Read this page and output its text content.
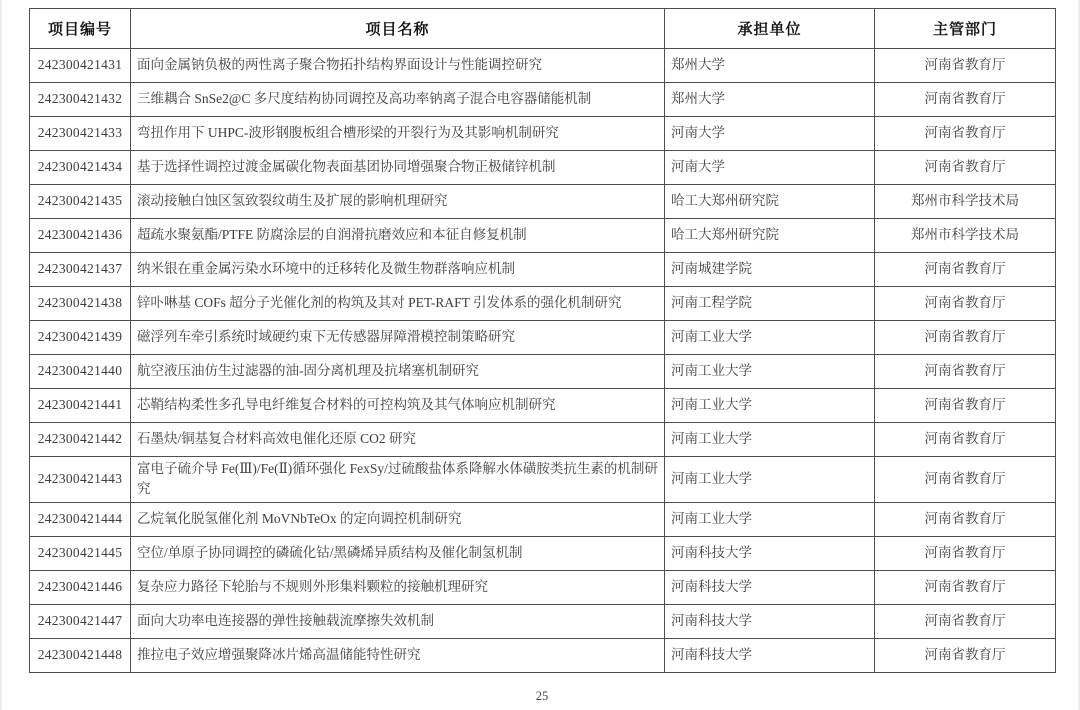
项目编号	项目名称	承担单位	主管部门
242300421431	面向金属钠负极的两性离子聚合物拓扑结构界面设计与性能调控研究	郑州大学	河南省教育厅
242300421432	三维耦合 SnSe2@C 多尺度结构协同调控及高功率钠离子混合电容器储能机制	郑州大学	河南省教育厅
242300421433	弯扭作用下 UHPC-波形钢腹板组合槽形梁的开裂行为及其影响机制研究	河南大学	河南省教育厅
242300421434	基于选择性调控过渡金属碳化物表面基团协同增强聚合物正极储锌机制	河南大学	河南省教育厅
242300421435	滚动接触白蚀区氢致裂纹萌生及扩展的影响机理研究	哈工大郑州研究院	郑州市科学技术局
242300421436	超疏水聚氨酯/PTFE 防腐涂层的自润滑抗磨效应和本征自修复机制	哈工大郑州研究院	郑州市科学技术局
242300421437	纳米银在重金属污染水环境中的迁移转化及微生物群落响应机制	河南城建学院	河南省教育厅
242300421438	锌卟啉基 COFs 超分子光催化剂的构筑及其对 PET-RAFT 引发体系的强化机制研究	河南工程学院	河南省教育厅
242300421439	磁浮列车牵引系统时域硬约束下无传感器屏障滑模控制策略研究	河南工业大学	河南省教育厅
242300421440	航空液压油仿生过滤器的油-固分离机理及抗堵塞机制研究	河南工业大学	河南省教育厅
242300421441	芯鞘结构柔性多孔导电纤维复合材料的可控构筑及其气体响应机制研究	河南工业大学	河南省教育厅
242300421442	石墨炔/铜基复合材料高效电催化还原 CO2 研究	河南工业大学	河南省教育厅
242300421443	富电子硫介导 Fe(Ⅲ)/Fe(Ⅱ)循环强化 FexSy/过硫酸盐体系降解水体磺胺类抗生素的机制研究	河南工业大学	河南省教育厅
242300421444	乙烷氧化脱氢催化剂 MoVNbTeOx 的定向调控机制研究	河南工业大学	河南省教育厅
242300421445	空位/单原子协同调控的磷硫化钴/黑磷烯异质结构及催化制氢机制	河南科技大学	河南省教育厅
242300421446	复杂应力路径下轮胎与不规则外形集料颗粒的接触机理研究	河南科技大学	河南省教育厅
242300421447	面向大功率电连接器的弹性接触载流摩擦失效机制	河南科技大学	河南省教育厅
242300421448	推拉电子效应增强聚降冰片烯高温储能特性研究	河南科技大学	河南省教育厅
25
